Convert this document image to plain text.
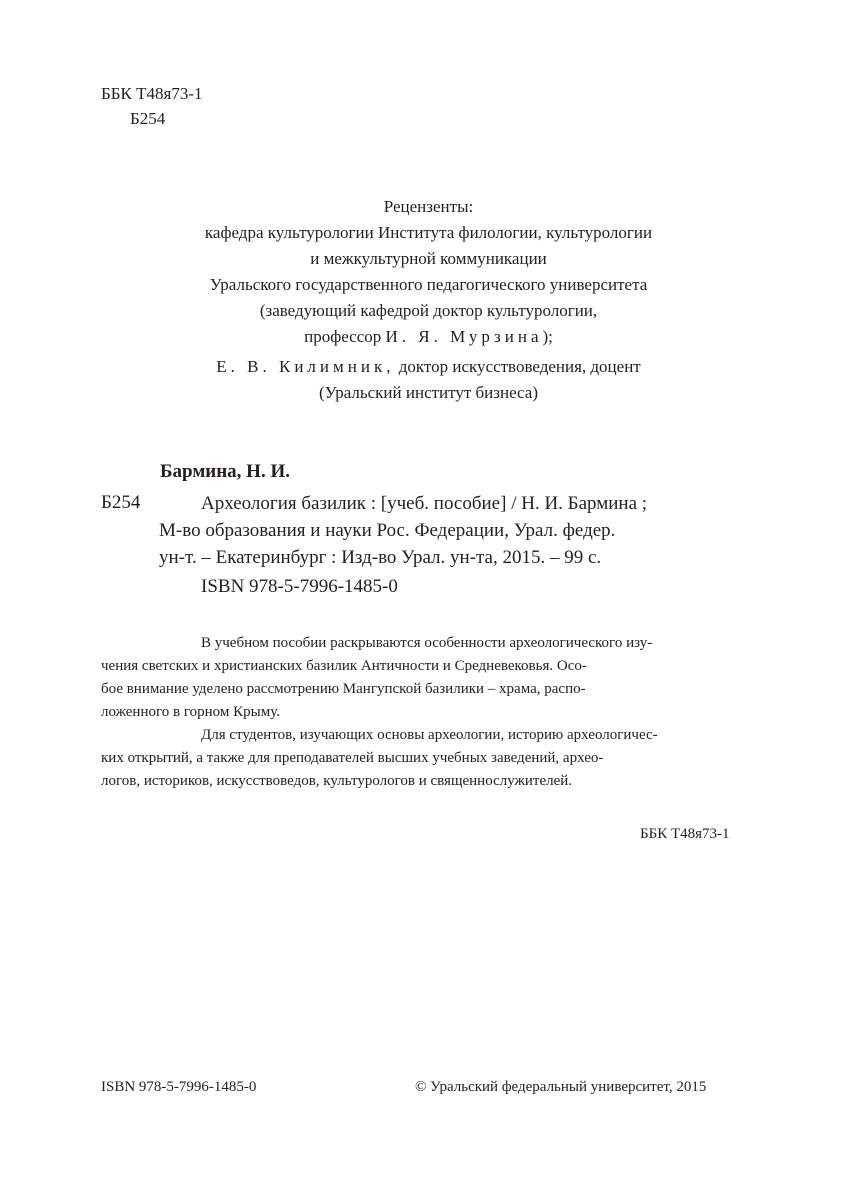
ББК Т48я73-1
Б254
Рецензенты:
кафедра культурологии Института филологии, культурологии
и межкультурной коммуникации
Уральского государственного педагогического университета
(заведующий кафедрой доктор культурологии,
профессор И. Я. Мурзина);
Е. В. Килимник, доктор искусствоведения, доцент
(Уральский институт бизнеса)
Бармина, Н. И.
Б254	Археология базилик : [учеб. пособие] / Н. И. Бармина ;
М-во образования и науки Рос. Федерации, Урал. федер.
ун-т. – Екатеринбург : Изд-во Урал. ун-та, 2015. – 99 с.
ISBN 978-5-7996-1485-0

В учебном пособии раскрываются особенности археологического изу-
чения светских и христианских базилик Античности и Средневековья. Осо-
бое внимание уделено рассмотрению Мангупской базилики – храма, распо-
ложенного в горном Крыму.

Для студентов, изучающих основы археологии, историю археологичес-
ких открытий, а также для преподавателей высших учебных заведений, архео-
логов, историков, искусствоведов, культурологов и священнослужителей.

ББК Т48я73-1
ISBN 978-5-7996-1485-0	© Уральский федеральный университет, 2015
